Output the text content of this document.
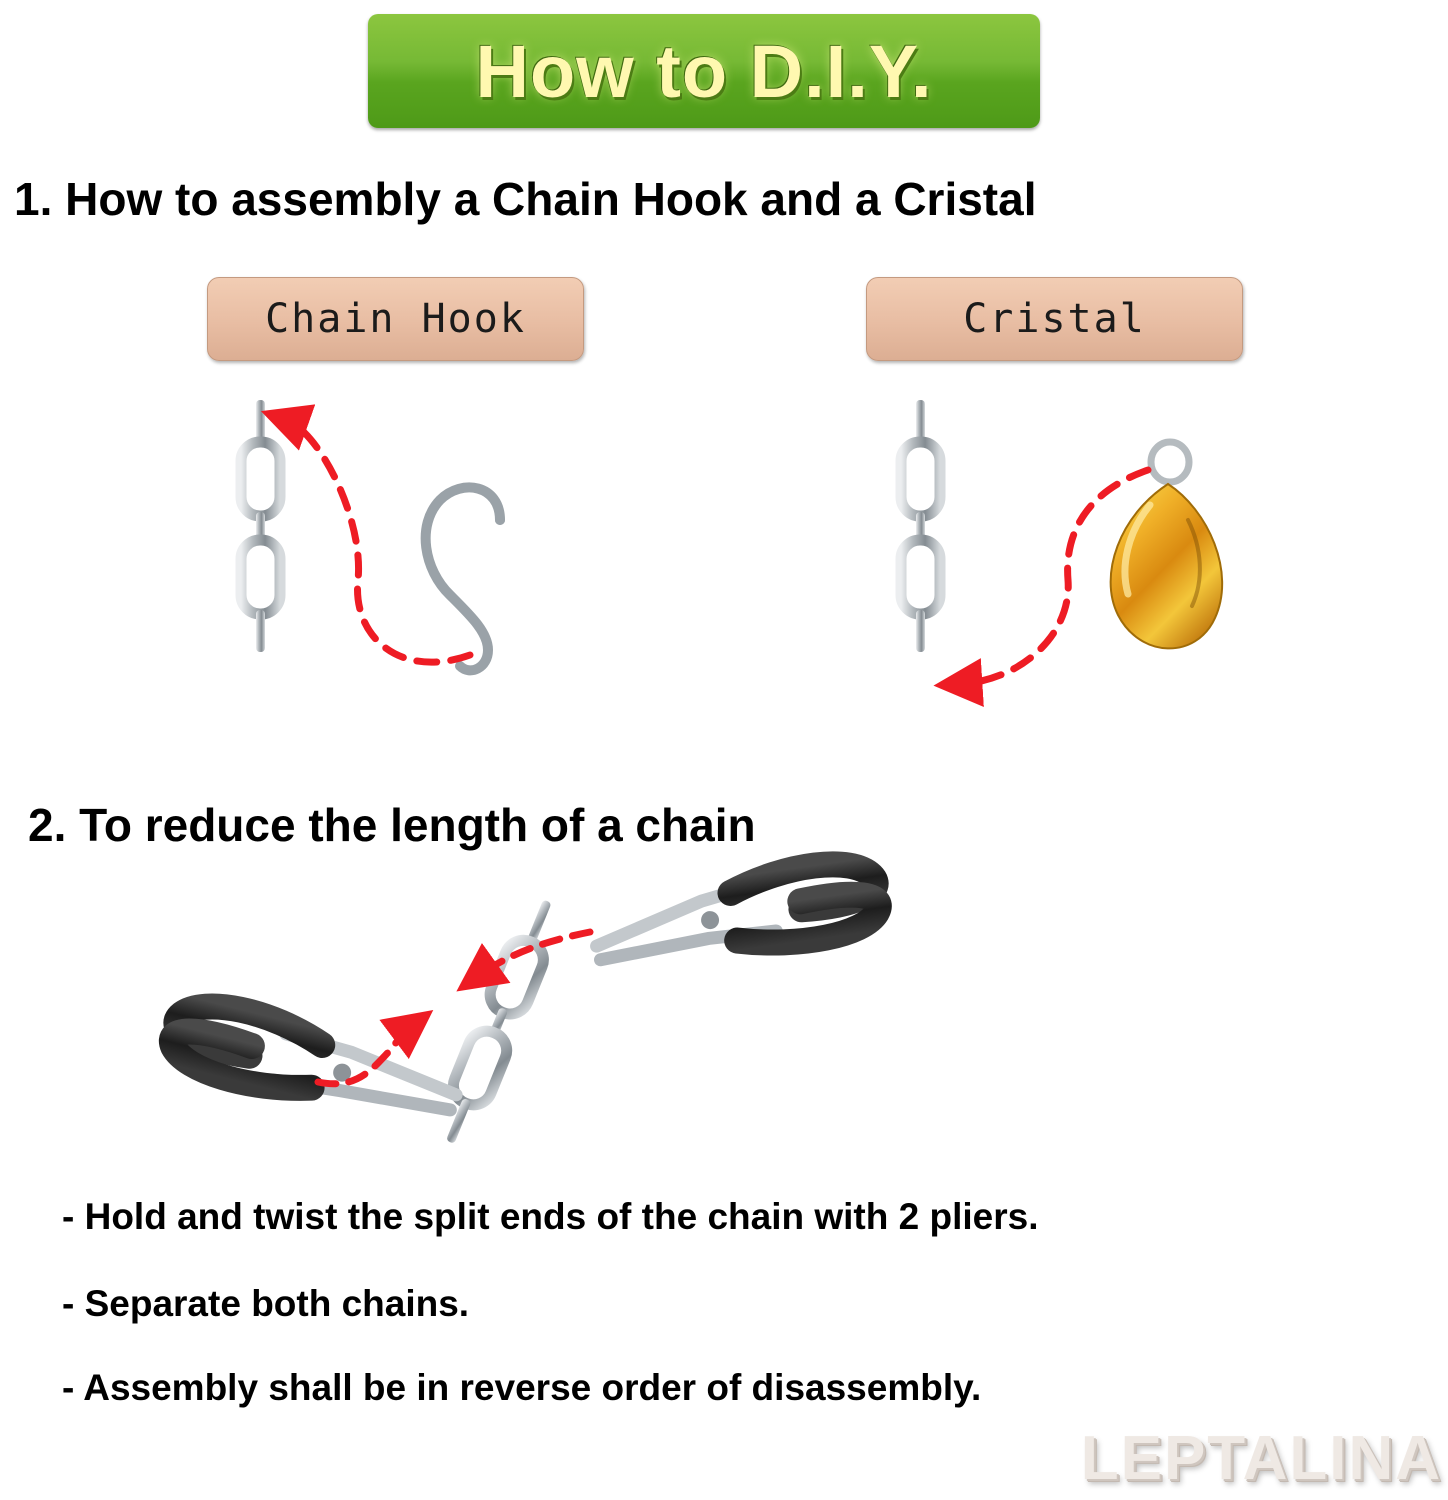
How to D.I.Y.
1. How to assembly a Chain Hook and a Cristal
Chain Hook	Cristal
2. To reduce the length of a chain
- Hold and twist the split ends of the chain with 2 pliers.
- Separate both chains.
- Assembly shall be in reverse order of disassembly.
LEPTALINA
